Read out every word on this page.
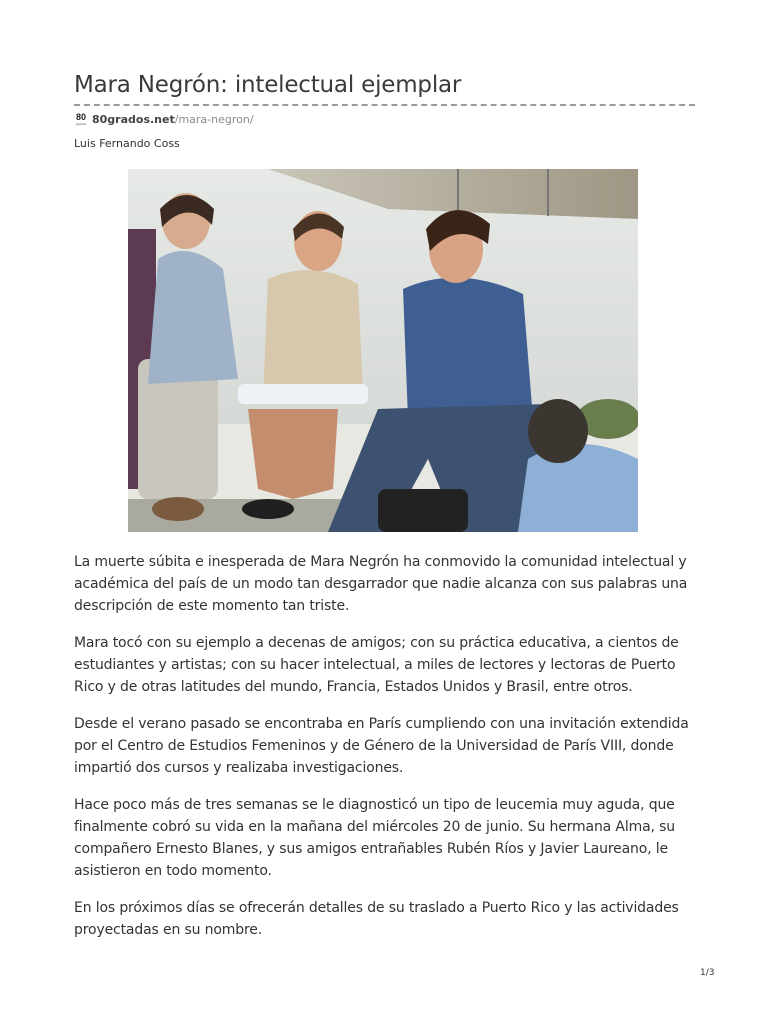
Mara Negrón: intelectual ejemplar
80
grados 80grados.net /mara-negron/
Luis Fernando Coss

La muerte súbita e inesperada de Mara Negrón ha conmovido la comunidad intelectual y académica del país de un modo tan desgarrador que nadie alcanza con sus palabras una descripción de este momento tan triste.

Mara tocó con su ejemplo a decenas de amigos; con su práctica educativa, a cientos de estudiantes y artistas; con su hacer intelectual, a miles de lectores y lectoras de Puerto Rico y de otras latitudes del mundo, Francia, Estados Unidos y Brasil, entre otros.

Desde el verano pasado se encontraba en París cumpliendo con una invitación extendida por el Centro de Estudios Femeninos y de Género de la Universidad de París VIII, donde impartió dos cursos y realizaba investigaciones.

Hace poco más de tres semanas se le diagnosticó un tipo de leucemia muy aguda, que finalmente cobró su vida en la mañana del miércoles 20 de junio. Su hermana Alma, su compañero Ernesto Blanes, y sus amigos entrañables Rubén Ríos y Javier Laureano, le asistieron en todo momento.

En los próximos días se ofrecerán detalles de su traslado a Puerto Rico y las actividades proyectadas en su nombre.

1/3
